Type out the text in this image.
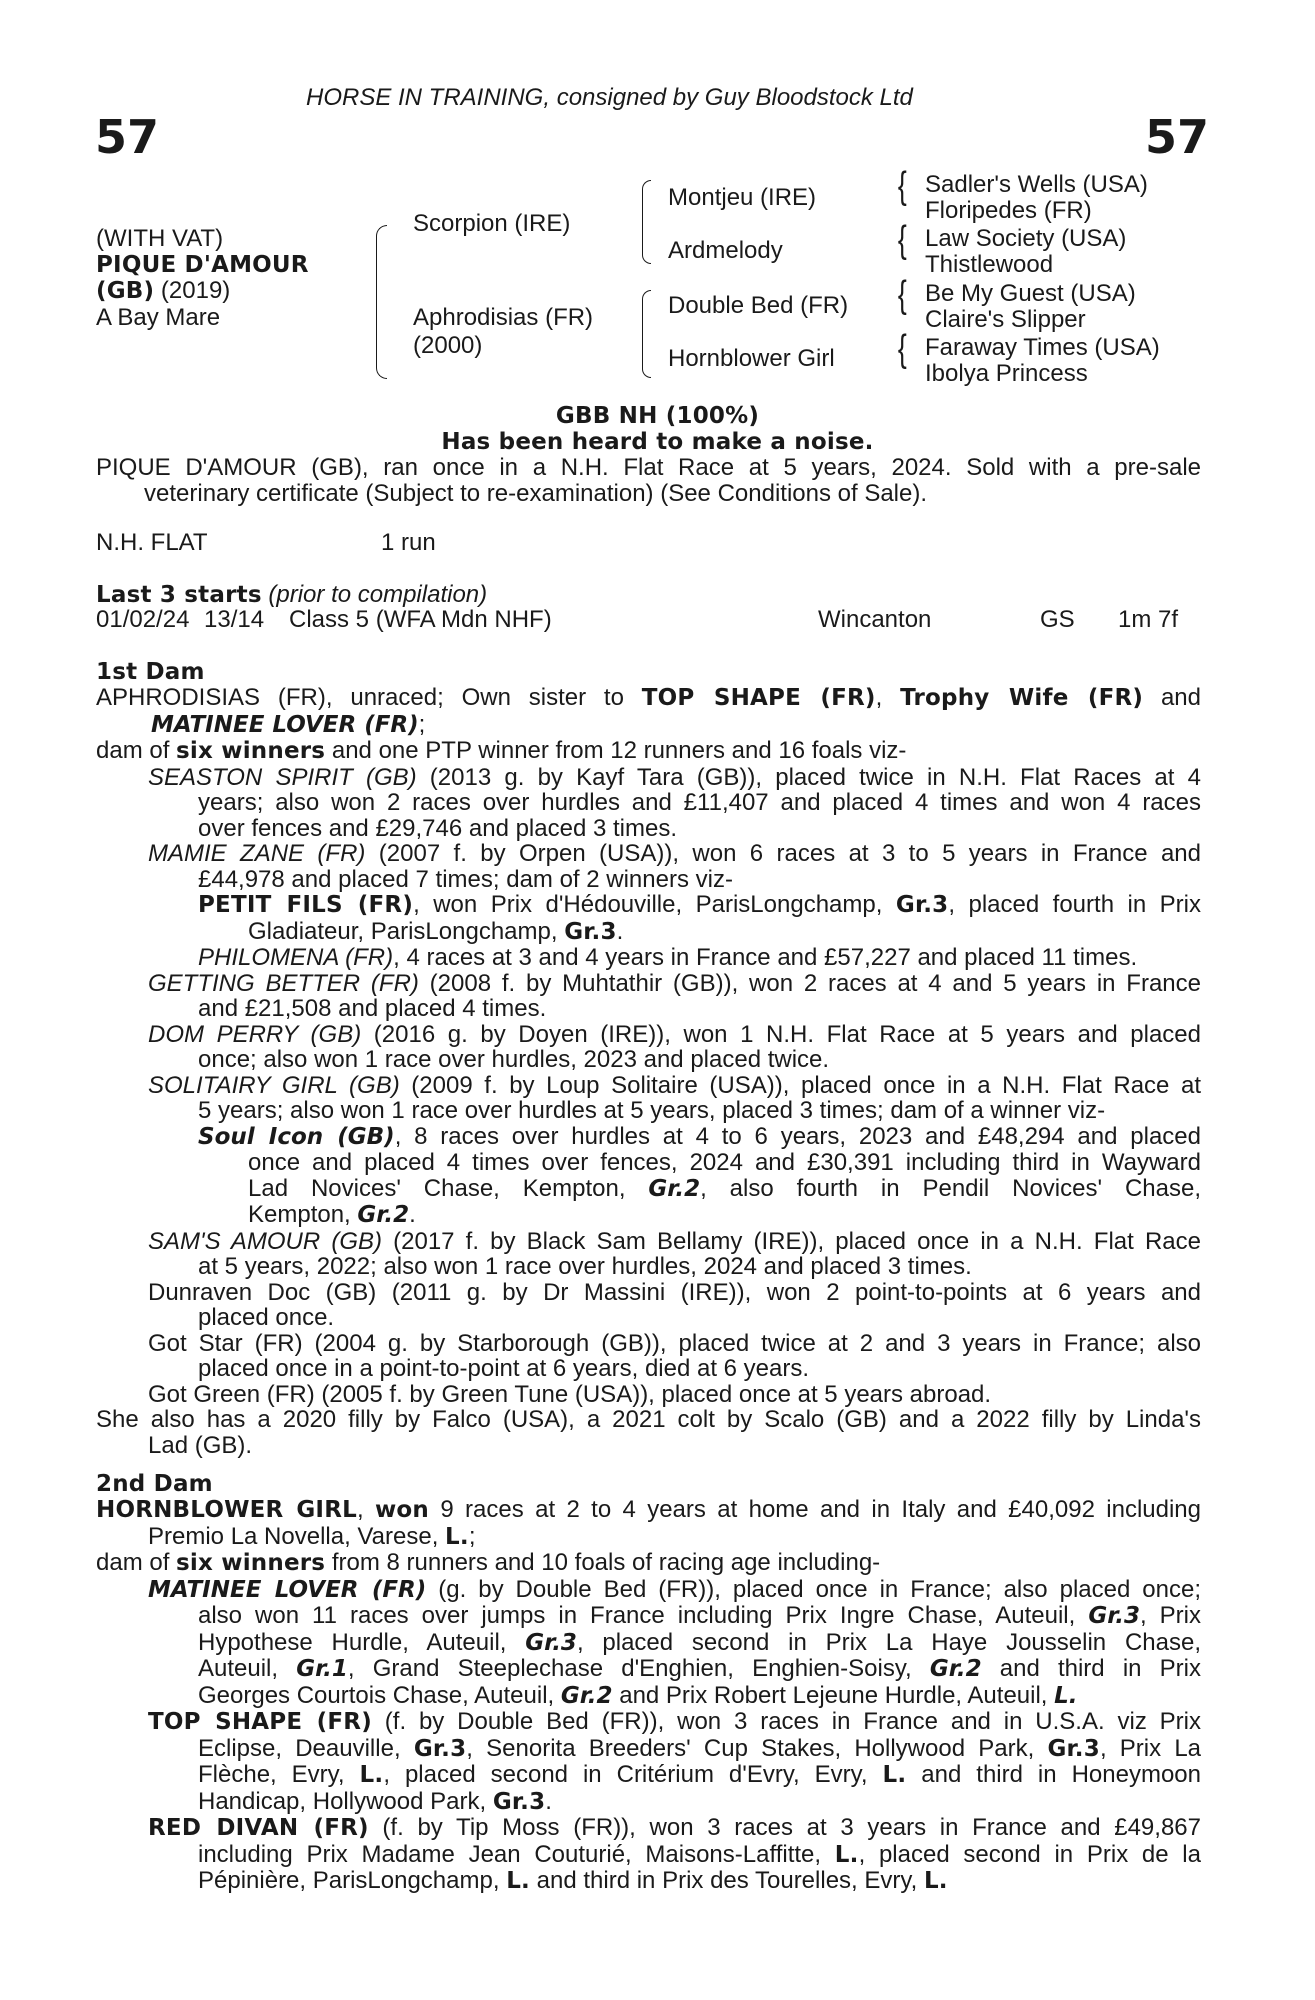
57
HORSE IN TRAINING, consigned by Guy Bloodstock Ltd
57
(WITH VAT)
PIQUE D'AMOUR
(GB) (2019)
A Bay Mare
Scorpion (IRE)
Aphrodisias (FR)
(2000)
Montjeu (IRE)
Ardmelody
Double Bed (FR)
Hornblower Girl
{
{
{
{
Sadler's Wells (USA)
Floripedes (FR)
Law Society (USA)
Thistlewood
Be My Guest (USA)
Claire's Slipper
Faraway Times (USA)
Ibolya Princess
GBB NH (100%)
Has been heard to make a noise.
PIQUE D'AMOUR (GB), ran once in a N.H. Flat Race at 5 years, 2024. Sold with a pre-sale
veterinary certificate (Subject to re-examination) (See Conditions of Sale).
N.H. FLAT	1 run
Last 3 starts (prior to compilation)
01/02/24 13/14 Class 5 (WFA Mdn NHF)	Wincanton	GS 1m 7f
1st Dam
APHRODISIAS (FR), unraced; Own sister to TOP SHAPE (FR), Trophy Wife (FR) and
MATINEE LOVER (FR);
dam of six winners and one PTP winner from 12 runners and 16 foals viz-
SEASTON SPIRIT (GB) (2013 g. by Kayf Tara (GB)), placed twice in N.H. Flat Races at 4
years; also won 2 races over hurdles and £11,407 and placed 4 times and won 4 races
over fences and £29,746 and placed 3 times.
MAMIE ZANE (FR) (2007 f. by Orpen (USA)), won 6 races at 3 to 5 years in France and
£44,978 and placed 7 times; dam of 2 winners viz-
PETIT FILS (FR), won Prix d'Hédouville, ParisLongchamp, Gr.3, placed fourth in Prix
Gladiateur, ParisLongchamp, Gr.3.
PHILOMENA (FR), 4 races at 3 and 4 years in France and £57,227 and placed 11 times.
GETTING BETTER (FR) (2008 f. by Muhtathir (GB)), won 2 races at 4 and 5 years in France
and £21,508 and placed 4 times.
DOM PERRY (GB) (2016 g. by Doyen (IRE)), won 1 N.H. Flat Race at 5 years and placed
once; also won 1 race over hurdles, 2023 and placed twice.
SOLITAIRY GIRL (GB) (2009 f. by Loup Solitaire (USA)), placed once in a N.H. Flat Race at
5 years; also won 1 race over hurdles at 5 years, placed 3 times; dam of a winner viz-
Soul Icon (GB), 8 races over hurdles at 4 to 6 years, 2023 and £48,294 and placed
once and placed 4 times over fences, 2024 and £30,391 including third in Wayward
Lad Novices' Chase, Kempton, Gr.2, also fourth in Pendil Novices' Chase,
Kempton, Gr.2.
SAM'S AMOUR (GB) (2017 f. by Black Sam Bellamy (IRE)), placed once in a N.H. Flat Race
at 5 years, 2022; also won 1 race over hurdles, 2024 and placed 3 times.
Dunraven Doc (GB) (2011 g. by Dr Massini (IRE)), won 2 point-to-points at 6 years and
placed once.
Got Star (FR) (2004 g. by Starborough (GB)), placed twice at 2 and 3 years in France; also
placed once in a point-to-point at 6 years, died at 6 years.
Got Green (FR) (2005 f. by Green Tune (USA)), placed once at 5 years abroad.
She also has a 2020 filly by Falco (USA), a 2021 colt by Scalo (GB) and a 2022 filly by Linda's
Lad (GB).
2nd Dam
HORNBLOWER GIRL, won 9 races at 2 to 4 years at home and in Italy and £40,092 including
Premio La Novella, Varese, L.;
dam of six winners from 8 runners and 10 foals of racing age including-
MATINEE LOVER (FR) (g. by Double Bed (FR)), placed once in France; also placed once;
also won 11 races over jumps in France including Prix Ingre Chase, Auteuil, Gr.3, Prix
Hypothese Hurdle, Auteuil, Gr.3, placed second in Prix La Haye Jousselin Chase,
Auteuil, Gr.1, Grand Steeplechase d'Enghien, Enghien-Soisy, Gr.2 and third in Prix
Georges Courtois Chase, Auteuil, Gr.2 and Prix Robert Lejeune Hurdle, Auteuil, L.
TOP SHAPE (FR) (f. by Double Bed (FR)), won 3 races in France and in U.S.A. viz Prix
Eclipse, Deauville, Gr.3, Senorita Breeders' Cup Stakes, Hollywood Park, Gr.3, Prix La
Flèche, Evry, L., placed second in Critérium d'Evry, Evry, L. and third in Honeymoon
Handicap, Hollywood Park, Gr.3.
RED DIVAN (FR) (f. by Tip Moss (FR)), won 3 races at 3 years in France and £49,867
including Prix Madame Jean Couturié, Maisons-Laffitte, L., placed second in Prix de la
Pépinière, ParisLongchamp, L. and third in Prix des Tourelles, Evry, L.
